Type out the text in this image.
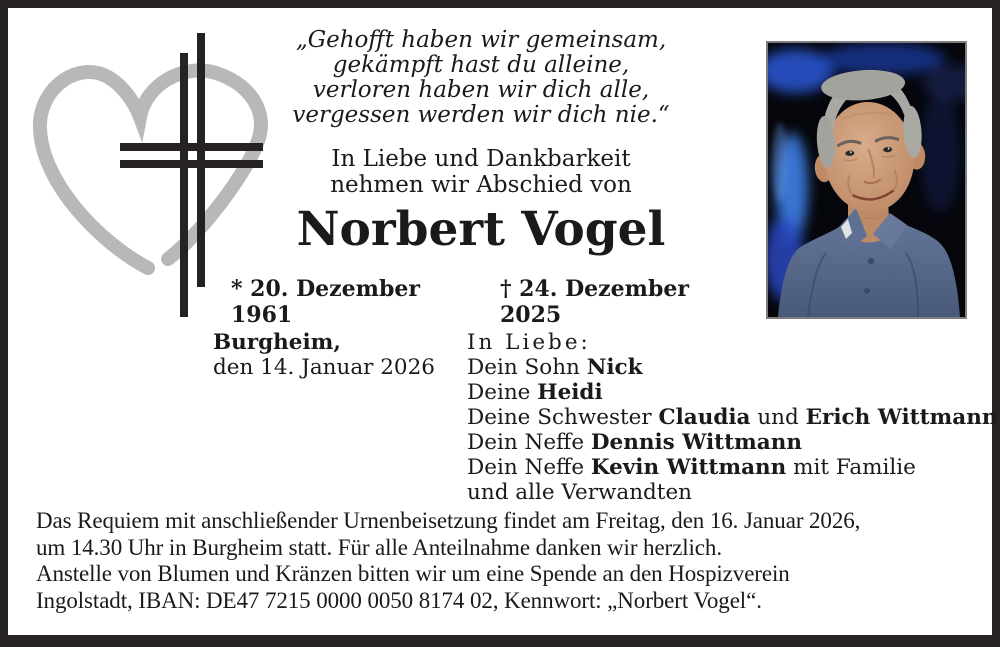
„Gehofft haben wir gemeinsam,
gekämpft hast du alleine,
verloren haben wir dich alle,
vergessen werden wir dich nie.“
In Liebe und Dankbarkeit
nehmen wir Abschied von
Norbert Vogel
* 20. Dezember 1961
† 24. Dezember 2025
Burgheim,
den 14. Januar 2026
In Liebe:
Dein Sohn Nick
Deine Heidi
Deine Schwester Claudia und Erich Wittmann
Dein Neffe Dennis Wittmann
Dein Neffe Kevin Wittmann mit Familie
und alle Verwandten
Das Requiem mit anschließender Urnenbeisetzung findet am Freitag, den 16. Januar 2026,
um 14.30 Uhr in Burgheim statt. Für alle Anteilnahme danken wir herzlich.
Anstelle von Blumen und Kränzen bitten wir um eine Spende an den Hospizverein
Ingolstadt, IBAN: DE47 7215 0000 0050 8174 02, Kennwort: „Norbert Vogel“.
